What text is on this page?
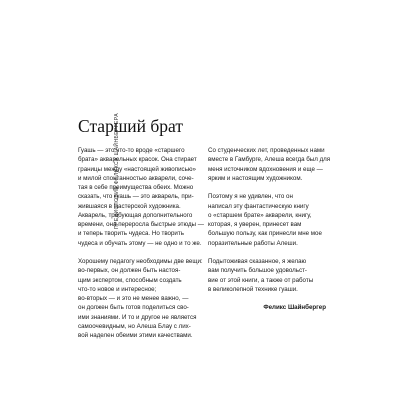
ПРЕДИСЛОВИЕ ФЕЛИКСА ШАЙНБЕРГЕРА
Старший брат

Гуашь — это что-то вроде «старшего
брата» акварельных красок. Она стирает
границы между «настоящей живописью»
и милой спонтанностью акварели, соче-
тая в себе преимущества обеих. Можно
сказать, что гуашь — это акварель, при-
жившаяся в мастерской художника.
Акварель, требующая дополнительного
времени, она переросла быстрые этюды —
и теперь творить чудеса. Но творить
чудеса и обучать этому — не одно и то же.

Хорошему педагогу необходимы две вещи:
во-первых, он должен быть настоя-
щим экспертом, способным создать
что-то новое и интересное;
во-вторых — и это не менее важно, —
он должен быть готов поделиться сво-
ими знаниями. И то и другое не является
самоочевидным, но Алеша Блау с лих-
вой наделен обеими этими качествами.

Со студенческих лет, проведенных нами
вместе в Гамбурге, Алеша всегда был для
меня источником вдохновения и еще —
ярким и настоящим художником.

Поэтому я не удивлен, что он
написал эту фантастическую книгу
о «старшем брате» акварели, книгу,
которая, я уверен, принесет вам
большую пользу, как принесли мне мое
поразительные работы Алеши.

Подытоживая сказанное, я желаю
вам получить большое удовольст-
вие от этой книги, а также от работы
в великолепной технике гуаши.

Феликс Шайнбергер
